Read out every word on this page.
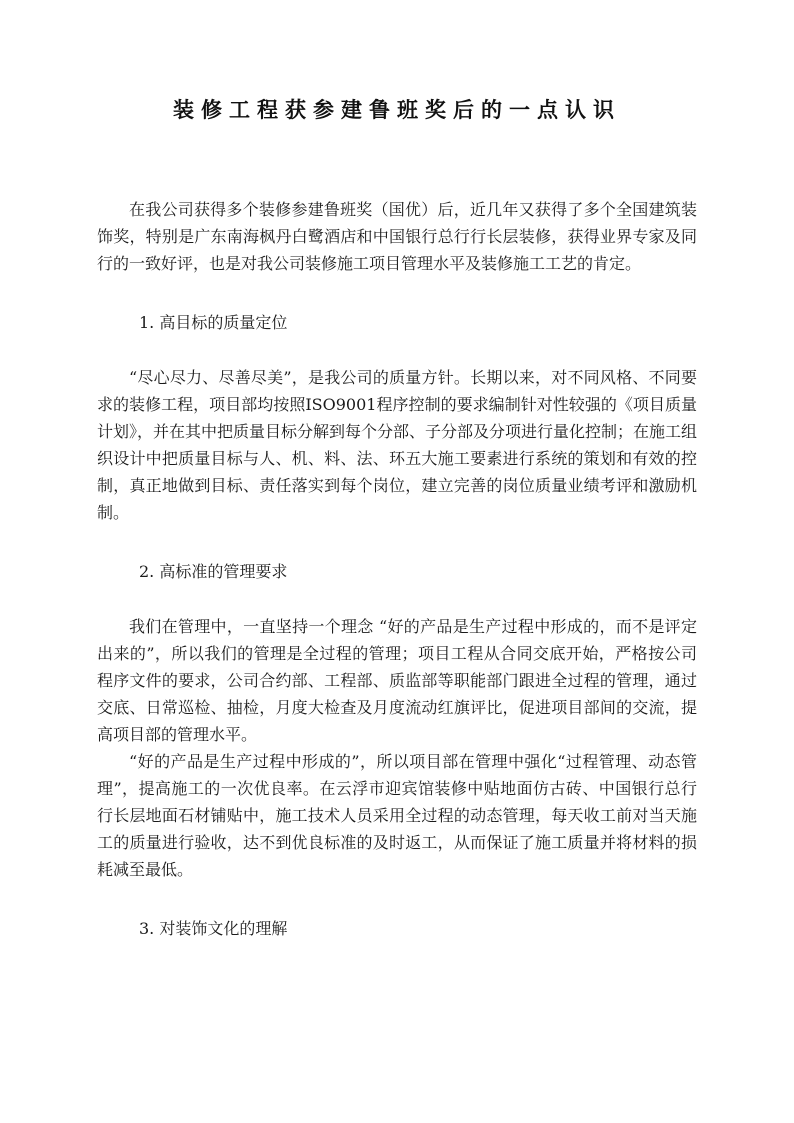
装修工程获参建鲁班奖后的一点认识

在我公司获得多个装修参建鲁班奖（国优）后，近几年又获得了多个全国建筑装饰奖，特别是广东南海枫丹白鹭酒店和中国银行总行行长层装修，获得业界专家及同行的一致好评，也是对我公司装修施工项目管理水平及装修施工工艺的肯定。

1. 高目标的质量定位

“尽心尽力、尽善尽美”，是我公司的质量方针。长期以来，对不同风格、不同要求的装修工程，项目部均按照ISO9001程序控制的要求编制针对性较强的《项目质量计划》，并在其中把质量目标分解到每个分部、子分部及分项进行量化控制；在施工组织设计中把质量目标与人、机、料、法、环五大施工要素进行系统的策划和有效的控制，真正地做到目标、责任落实到每个岗位，建立完善的岗位质量业绩考评和激励机制。

2. 高标准的管理要求

我们在管理中，一直坚持一个理念 “好的产品是生产过程中形成的，而不是评定出来的”，所以我们的管理是全过程的管理；项目工程从合同交底开始，严格按公司程序文件的要求，公司合约部、工程部、质监部等职能部门跟进全过程的管理，通过交底、日常巡检、抽检，月度大检查及月度流动红旗评比，促进项目部间的交流，提高项目部的管理水平。

“好的产品是生产过程中形成的”，所以项目部在管理中强化“过程管理、动态管理”，提高施工的一次优良率。在云浮市迎宾馆装修中贴地面仿古砖、中国银行总行行长层地面石材铺贴中，施工技术人员采用全过程的动态管理，每天收工前对当天施工的质量进行验收，达不到优良标准的及时返工，从而保证了施工质量并将材料的损耗减至最低。

3. 对装饰文化的理解
